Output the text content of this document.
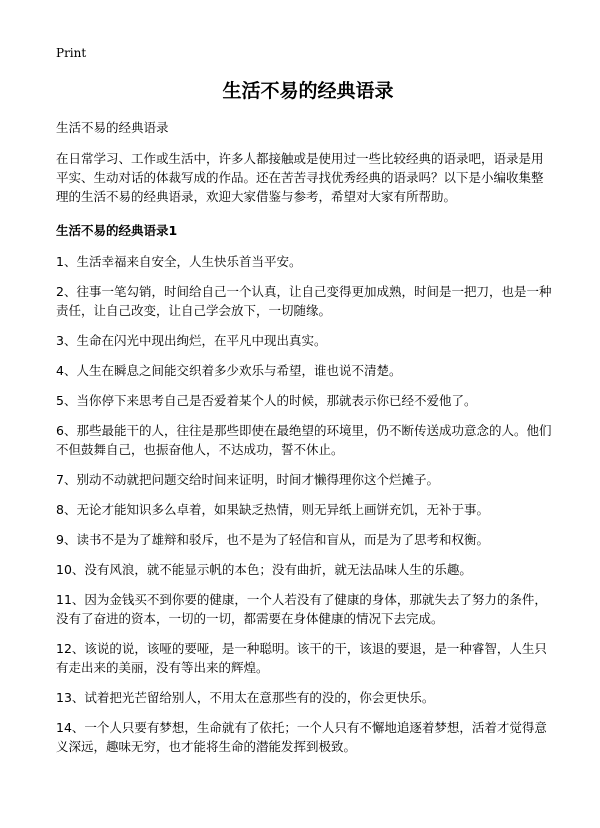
Print
生活不易的经典语录

生活不易的经典语录

在日常学习、工作或生活中，许多人都接触或是使用过一些比较经典的语录吧，语录是用平实、生动对话的体裁写成的作品。还在苦苦寻找优秀经典的语录吗？以下是小编收集整理的生活不易的经典语录，欢迎大家借鉴与参考，希望对大家有所帮助。

生活不易的经典语录1

1、生活幸福来自安全，人生快乐首当平安。

2、往事一笔勾销，时间给自己一个认真，让自己变得更加成熟，时间是一把刀，也是一种责任，让自己改变，让自己学会放下，一切随缘。

3、生命在闪光中现出绚烂，在平凡中现出真实。

4、人生在瞬息之间能交织着多少欢乐与希望，谁也说不清楚。

5、当你停下来思考自己是否爱着某个人的时候，那就表示你已经不爱他了。

6、那些最能干的人，往往是那些即使在最绝望的环境里，仍不断传送成功意念的人。他们不但鼓舞自己，也振奋他人，不达成功，誓不休止。

7、别动不动就把问题交给时间来证明，时间才懒得理你这个烂摊子。

8、无论才能知识多么卓着，如果缺乏热情，则无异纸上画饼充饥，无补于事。

9、读书不是为了雄辩和驳斥，也不是为了轻信和盲从，而是为了思考和权衡。

10、没有风浪，就不能显示帆的本色；没有曲折，就无法品味人生的乐趣。

11、因为金钱买不到你要的健康，一个人若没有了健康的身体，那就失去了努力的条件，没有了奋进的资本，一切的一切，都需要在身体健康的情况下去完成。

12、该说的说，该哑的要哑，是一种聪明。该干的干，该退的要退，是一种睿智，人生只有走出来的美丽，没有等出来的辉煌。

13、试着把光芒留给别人，不用太在意那些有的没的，你会更快乐。

14、一个人只要有梦想，生命就有了依托；一个人只有不懈地追逐着梦想，活着才觉得意义深远，趣味无穷，也才能将生命的潜能发挥到极致。
